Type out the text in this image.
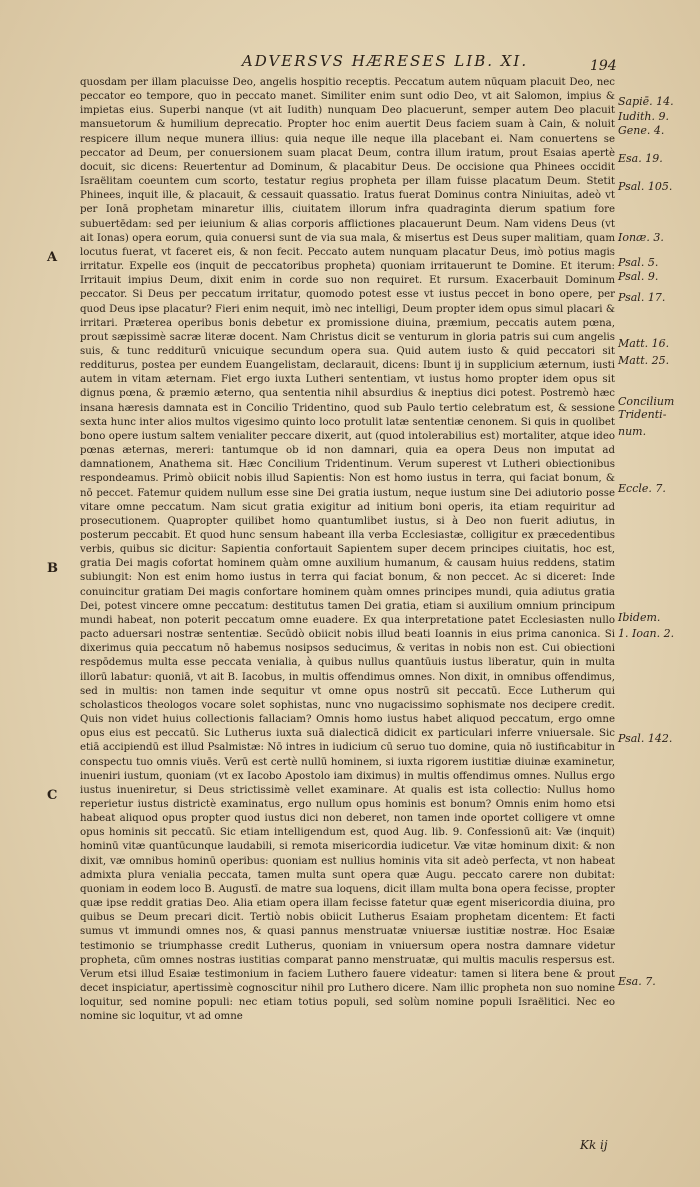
ADVERSVS HÆRESES LIB. XI.	194

quosdam per illam placuisse Deo, angelis hospitio receptis. Peccatum autem nūquam placuit Deo, nec peccator eo tempore, quo in peccato manet. Similiter enim sunt odio Deo, vt ait Salomon, impius & impietas eius. Superbi nanque (vt ait Iudith) nunquam Deo placuerunt, semper autem Deo placuit mansuetorum & humilium deprecatio. Propter hoc enim auertit Deus faciem suam à Cain, & noluit respicere illum neque munera illius: quia neque ille neque illa placebant ei. Nam conuertens se peccator ad Deum, per conuersionem suam placat Deum, contra illum iratum, prout Esaias apertè docuit, sic dicens: Reuertentur ad Dominum, & placabitur Deus. De occisione qua Phinees occidit Israëlitam coeuntem cum scorto, testatur regius propheta per illam fuisse placatum Deum. Stetit Phinees, inquit ille, & placauit, & cessauit quassatio. Iratus fuerat Dominus contra Niniuitas, adeò vt per Ionā prophetam minaretur illis, ciuitatem illorum infra quadraginta dierum spatium fore subuertēdam: sed per ieiunium & alias corporis afflictiones placauerunt Deum. Nam videns Deus (vt ait Ionas) opera eorum, quia conuersi sunt de via sua mala, & misertus est Deus super malitiam, quam locutus fuerat, vt faceret eis, & non fecit. Peccato autem nunquam placatur Deus, imò potius magis irritatur. Expelle eos (inquit de peccatoribus propheta) quoniam irritauerunt te Domine. Et iterum: Irritauit impius Deum, dixit enim in corde suo non requiret. Et rursum. Exacerbauit Dominum peccator. Si Deus per peccatum irritatur, quomodo potest esse vt iustus peccet in bono opere, per quod Deus ipse placatur? Fieri enim nequit, imò nec intelligi, Deum propter idem opus simul placari & irritari. Præterea operibus bonis debetur ex promissione diuina, præmium, peccatis autem pœna, prout sæpissimè sacræ literæ docent. Nam Christus dicit se venturum in gloria patris sui cum angelis suis, & tunc redditurū vnicuique secundum opera sua. Quid autem iusto & quid peccatori sit redditurus, postea per eundem Euangelistam, declarauit, dicens: Ibunt ij in supplicium æternum, iusti autem in vitam æternam. Fiet ergo iuxta Lutheri sententiam, vt iustus homo propter idem opus sit dignus pœna, & præmio æterno, qua sententia nihil absurdius & ineptius dici potest. Postremò hæc insana hæresis damnata est in Concilio Tridentino, quod sub Paulo tertio celebratum est, & sessione sexta hunc inter alios multos vigesimo quinto loco protulit latæ sententiæ cenonem. Si quis in quolibet bono opere iustum saltem venialiter peccare dixerit, aut (quod intolerabilius est) mortaliter, atque ideo pœnas æternas, mereri: tantumque ob id non damnari, quia ea opera Deus non imputat ad damnationem, Anathema sit. Hæc Concilium Tridentinum. Verum superest vt Lutheri obiectionibus respondeamus. Primò obiicit nobis illud Sapientis: Non est homo iustus in terra, qui faciat bonum, & nō peccet. Fatemur quidem nullum esse sine Dei gratia iustum, neque iustum sine Dei adiutorio posse vitare omne peccatum. Nam sicut gratia exigitur ad initium boni operis, ita etiam requiritur ad prosecutionem. Quapropter quilibet homo quantumlibet iustus, si à Deo non fuerit adiutus, in posterum peccabit. Et quod hunc sensum habeant illa verba Ecclesiastæ, colligitur ex præcedentibus verbis, quibus sic dicitur: Sapientia confortauit Sapientem super decem principes ciuitatis, hoc est, gratia Dei magis cofortat hominem quàm omne auxilium humanum, & causam huius reddens, statim subiungit: Non est enim homo iustus in terra qui faciat bonum, & non peccet. Ac si diceret: Inde conuincitur gratiam Dei magis confortare hominem quàm omnes principes mundi, quia adiutus gratia Dei, potest vincere omne peccatum: destitutus tamen Dei gratia, etiam si auxilium omnium principum mundi habeat, non poterit peccatum omne euadere. Ex qua interpretatione patet Ecclesiasten nullo pacto aduersari nostræ sententiæ. Secūdò obiicit nobis illud beati Ioannis in eius prima canonica. Si dixerimus quia peccatum nō habemus nosipsos seducimus, & veritas in nobis non est. Cui obiectioni respōdemus multa esse peccata venialia, à quibus nullus quantūuis iustus liberatur, quin in multa illorū labatur: quoniā, vt ait B. Iacobus, in multis offendimus omnes. Non dixit, in omnibus offendimus, sed in multis: non tamen inde sequitur vt omne opus nostrū sit peccatū. Ecce Lutherum qui scholasticos theologos vocare solet sophistas, nunc vno nugacissimo sophismate nos decipere credit. Quis non videt huius collectionis fallaciam? Omnis homo iustus habet aliquod peccatum, ergo omne opus eius est peccatū. Sic Lutherus iuxta suā dialecticā didicit ex particulari inferre vniuersale. Sic etiā accipiendū est illud Psalmistæ: Nō intres in iudicium cū seruo tuo domine, quia nō iustificabitur in conspectu tuo omnis viuēs. Verū est certè nullū hominem, si iuxta rigorem iustitiæ diuinæ examinetur, inueniri iustum, quoniam (vt ex Iacobo Apostolo iam diximus) in multis offendimus omnes. Nullus ergo iustus inueniretur, si Deus strictissimè vellet examinare. At qualis est ista collectio: Nullus homo reperietur iustus districtè examinatus, ergo nullum opus hominis est bonum? Omnis enim homo etsi habeat aliquod opus propter quod iustus dici non deberet, non tamen inde oportet colligere vt omne opus hominis sit peccatū. Sic etiam intelligendum est, quod Aug. lib. 9. Confessionū ait: Væ (inquit) hominū vitæ quantūcunque laudabili, si remota misericordia iudicetur. Væ vitæ hominum dixit: & non dixit, væ omnibus hominū operibus: quoniam est nullius hominis vita sit adeò perfecta, vt non habeat admixta plura venialia peccata, tamen multa sunt opera quæ Augu. peccato carere non dubitat: quoniam in eodem loco B. Augustī. de matre sua loquens, dicit illam multa bona opera fecisse, propter quæ ipse reddit gratias Deo. Alia etiam opera illam fecisse fatetur quæ egent misericordia diuina, pro quibus se Deum precari dicit. Tertiò nobis obiicit Lutherus Esaiam prophetam dicentem: Et facti sumus vt immundi omnes nos, & quasi pannus menstruatæ vniuersæ iustitiæ nostræ. Hoc Esaiæ testimonio se triumphasse credit Lutherus, quoniam in vniuersum opera nostra damnare videtur propheta, cūm omnes nostras iustitias comparat panno menstruatæ, qui multis maculis respersus est. Verum etsi illud Esaiæ testimonium in faciem Luthero fauere videatur: tamen si litera bene & prout decet inspiciatur, apertissimè cognoscitur nihil pro Luthero dicere. Nam illic propheta non suo nomine loquitur, sed nomine populi: nec etiam totius populi, sed solùm nomine populi Israëlitici. Nec eo nomine sic loquitur, vt ad omne

A
B
C
Sapiē. 14.
Iudith. 9.
Gene. 4.
Esa. 19.
Psal. 105.
Ionæ. 3.
Psal. 5.
Psal. 9.
Psal. 17.
Matt. 16.
Matt. 25.
Concilium Tridenti-
num.
Eccle. 7.
Ibidem.
1. Ioan. 2.
Psal. 142.
Esa. 7.
Kk ij
